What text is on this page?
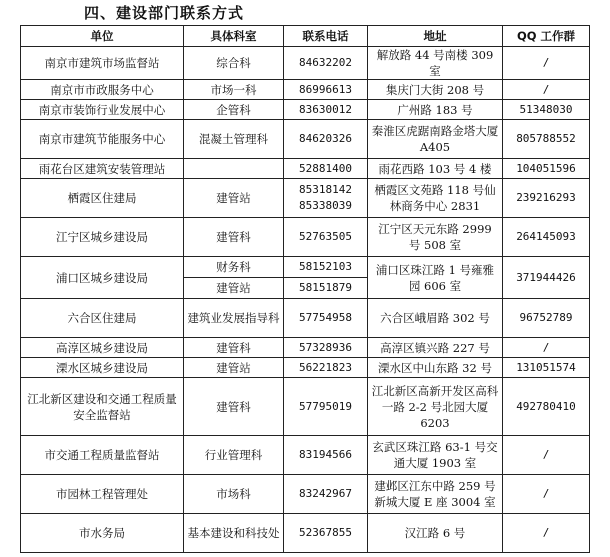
四、建设部门联系方式
单位	具体科室	联系电话	地址	QQ 工作群
南京市建筑市场监督站	综合科	84632202	解放路 44 号南楼 309 室	/
南京市市政服务中心	市场一科	86996613	集庆门大街 208 号	/
南京市装饰行业发展中心	企管科	83630012	广州路 183 号	51348030
南京市建筑节能服务中心	混凝土管理科	84620326	秦淮区虎踞南路金塔大厦 A405	805788552
雨花台区建筑安装管理站		52881400	雨花西路 103 号 4 楼	104051596
栖霞区住建局	建管站	85318142 85338039	栖霞区文苑路 118 号仙林商务中心 2831	239216293
江宁区城乡建设局	建管科	52763505	江宁区天元东路 2999 号 508 室	264145093
浦口区城乡建设局	财务科	58152103	浦口区珠江路 1 号雍雅园 606 室	371944426
	建管站	58151879		
六合区住建局	建筑业发展指导科	57754958	六合区峨眉路 302 号	96752789
高淳区城乡建设局	建管科	57328936	高淳区镇兴路 227 号	/
溧水区城乡建设局	建管站	56221823	溧水区中山东路 32 号	131051574
江北新区建设和交通工程质量安全监督站	建管科	57795019	江北新区高新开发区高科一路 2-2 号北园大厦 6203	492780410
市交通工程质量监督站	行业管理科	83194566	玄武区珠江路 63-1 号交通大厦 1903 室	/
市园林工程管理处	市场科	83242967	建邺区江东中路 259 号新城大厦 E 座 3004 室	/
市水务局	基本建设和科技处	52367855	汉江路 6 号	/
